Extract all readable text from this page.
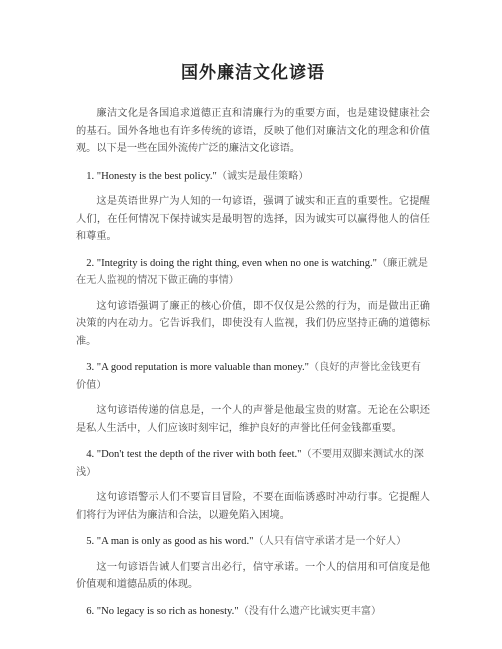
国外廉洁文化谚语

廉洁文化是各国追求道德正直和清廉行为的重要方面，也是建设健康社会的基石。国外各地也有许多传统的谚语，反映了他们对廉洁文化的理念和价值观。以下是一些在国外流传广泛的廉洁文化谚语。

1. "Honesty is the best policy."（诚实是最佳策略）

这是英语世界广为人知的一句谚语，强调了诚实和正直的重要性。它提醒人们，在任何情况下保持诚实是最明智的选择，因为诚实可以赢得他人的信任和尊重。

2. "Integrity is doing the right thing, even when no one is watching."（廉正就是在无人监视的情况下做正确的事情）

这句谚语强调了廉正的核心价值，即不仅仅是公然的行为，而是做出正确决策的内在动力。它告诉我们，即使没有人监视，我们仍应坚持正确的道德标准。

3. "A good reputation is more valuable than money."（良好的声誉比金钱更有价值）

这句谚语传递的信息是，一个人的声誉是他最宝贵的财富。无论在公职还是私人生活中，人们应该时刻牢记，维护良好的声誉比任何金钱都重要。

4. "Don't test the depth of the river with both feet."（不要用双脚来测试水的深浅）

这句谚语警示人们不要盲目冒险，不要在面临诱惑时冲动行事。它提醒人们将行为评估为廉洁和合法，以避免陷入困境。

5. "A man is only as good as his word."（人只有信守承诺才是一个好人）

这一句谚语告诫人们要言出必行，信守承诺。一个人的信用和可信度是他价值观和道德品质的体现。

6. "No legacy is so rich as honesty."（没有什么遗产比诚实更丰富）
